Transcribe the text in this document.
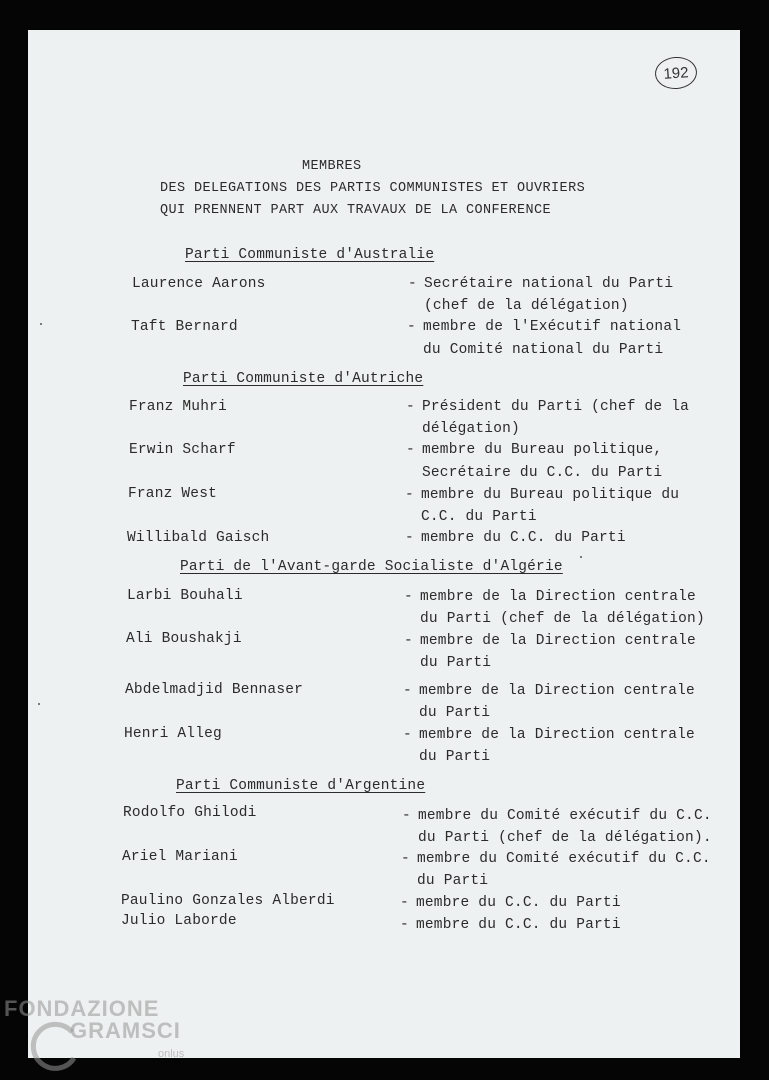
192
MEMBRES
DES DELEGATIONS DES PARTIS COMMUNISTES ET OUVRIERS
QUI PRENNENT PART AUX TRAVAUX DE LA CONFERENCE
Parti Communiste d'Australie
Laurence Aarons	- Secrétaire national du Parti
(chef de la délégation)
Taft Bernard	- membre de l'Exécutif national
du Comité national du Parti
Parti Communiste d'Autriche
Franz Muhri	- Président du Parti (chef de la
délégation)
Erwin Scharf	- membre du Bureau politique,
Secrétaire du C.C. du Parti
Franz West	- membre du Bureau politique du
C.C. du Parti
Willibald Gaisch	- membre du C.C. du Parti
Parti de l'Avant-garde Socialiste d'Algérie
Larbi Bouhali	- membre de la Direction centrale
du Parti (chef de la délégation)
Ali Boushakji	- membre de la Direction centrale
du Parti
Abdelmadjid Bennaser	- membre de la Direction centrale
du Parti
Henri Alleg	- membre de la Direction centrale
du Parti
Parti Communiste d'Argentine
Rodolfo Ghilodi	- membre du Comité exécutif du C.C.
du Parti (chef de la délégation).
Ariel Mariani	- membre du Comité exécutif du C.C.
du Parti
Paulino Gonzales Alberdi	- membre du C.C. du Parti
Julio Laborde	- membre du C.C. du Parti
FONDAZIONE
GRAMSCI
onlus
